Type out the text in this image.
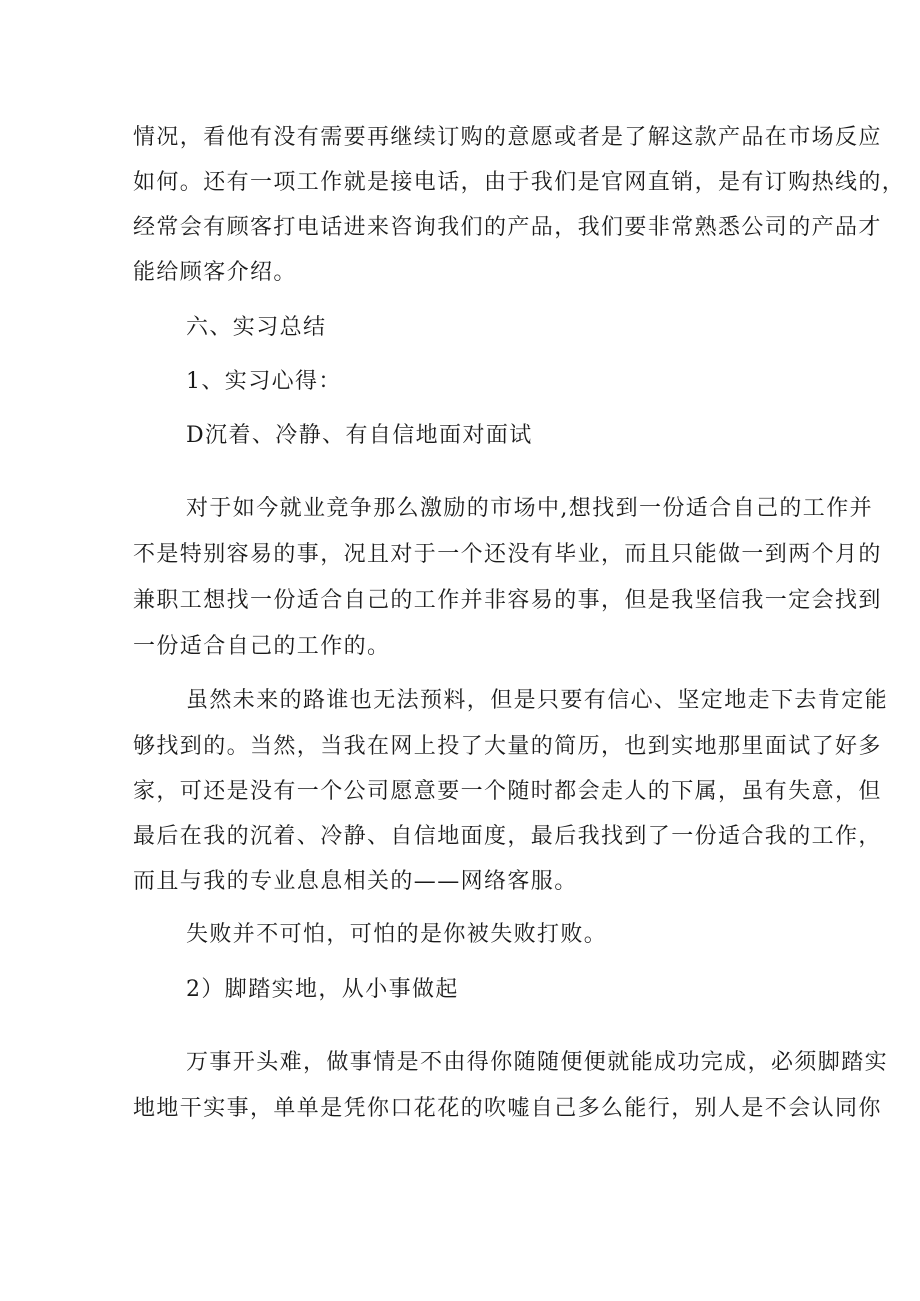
情况，看他有没有需要再继续订购的意愿或者是了解这款产品在市场反应
如何。还有一项工作就是接电话，由于我们是官网直销，是有订购热线的，
经常会有顾客打电话进来咨询我们的产品，我们要非常熟悉公司的产品才
能给顾客介绍。
六、实习总结
1、实习心得：
D沉着、冷静、有自信地面对面试
对于如今就业竞争那么激励的市场中,想找到一份适合自己的工作并
不是特别容易的事，况且对于一个还没有毕业，而且只能做一到两个月的
兼职工想找一份适合自己的工作并非容易的事，但是我坚信我一定会找到
一份适合自己的工作的。
虽然未来的路谁也无法预料，但是只要有信心、坚定地走下去肯定能
够找到的。当然，当我在网上投了大量的简历，也到实地那里面试了好多
家，可还是没有一个公司愿意要一个随时都会走人的下属，虽有失意，但
最后在我的沉着、冷静、自信地面度，最后我找到了一份适合我的工作，
而且与我的专业息息相关的——网络客服。
失败并不可怕，可怕的是你被失败打败。
2）脚踏实地，从小事做起
万事开头难，做事情是不由得你随随便便就能成功完成，必须脚踏实
地地干实事，单单是凭你口花花的吹嘘自己多么能行，别人是不会认同你
